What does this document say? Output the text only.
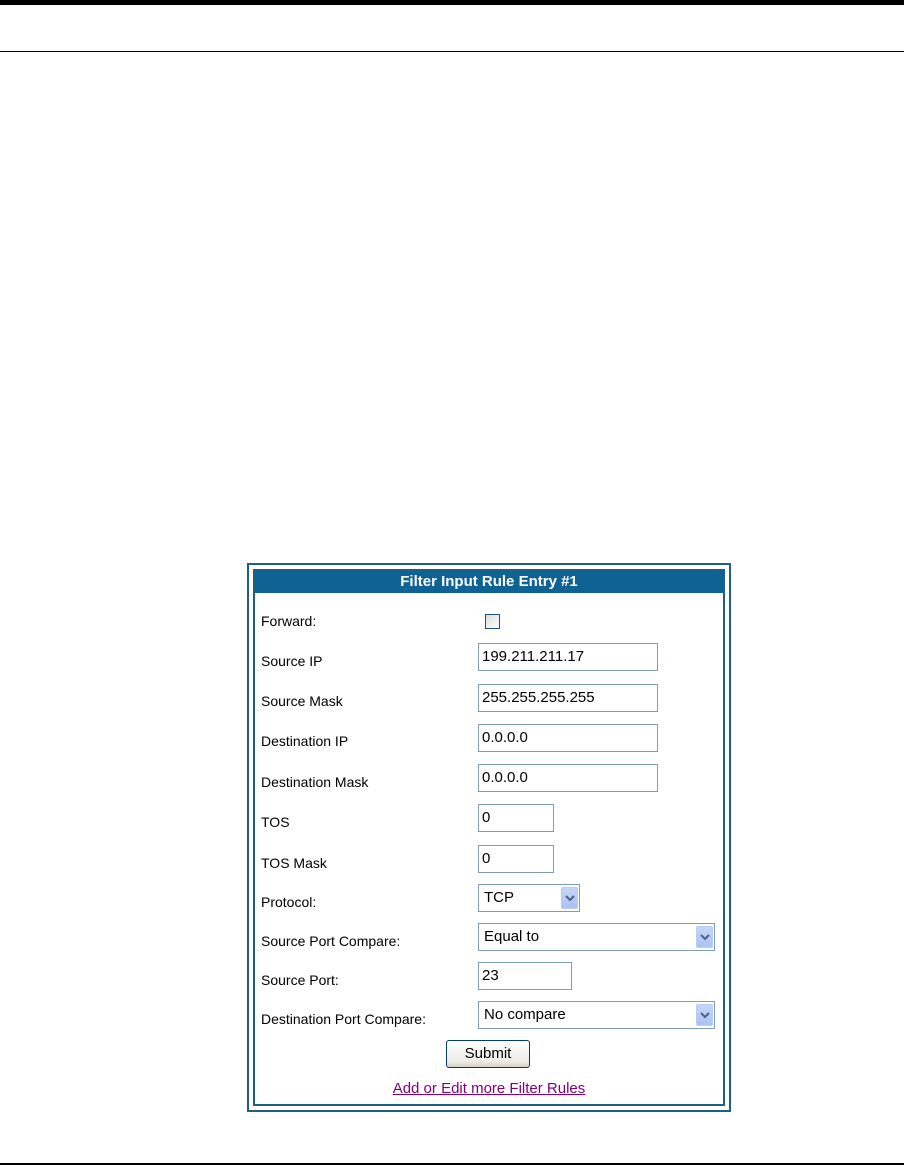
Filter Input Rule Entry #1
Forward:
Source IP	199.211.211.17
Source Mask	255.255.255.255
Destination IP	0.0.0.0
Destination Mask	0.0.0.0
TOS	0
TOS Mask	0
Protocol:	TCP
Source Port Compare:	Equal to
Source Port:	23
Destination Port Compare:	No compare
Submit
Add or Edit more Filter Rules
